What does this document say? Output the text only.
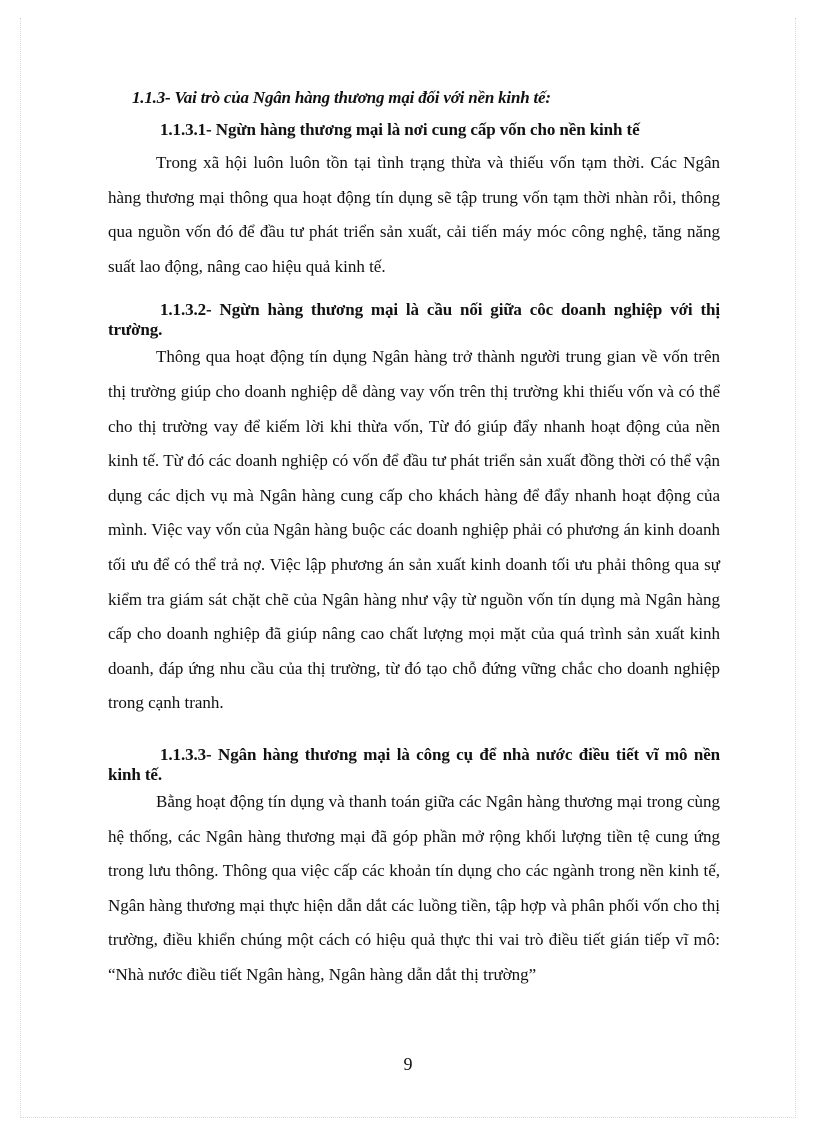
1.1.3- Vai trò của Ngân hàng thương mại đối với nền kinh tế:
1.1.3.1- Ngừn hàng thương mại là nơi cung cấp vốn cho nền kinh tế

Trong xã hội luôn luôn tồn tại tình trạng thừa và thiếu vốn tạm thời. Các Ngân hàng thương mại thông qua hoạt động tín dụng sẽ tập trung vốn tạm thời nhàn rỗi, thông qua nguồn vốn đó để đầu tư phát triển sản xuất, cải tiến máy móc công nghệ, tăng năng suất lao động, nâng cao hiệu quả kinh tế.

1.1.3.2- Ngừn hàng thương mại là cầu nối giữa côc doanh nghiệp với thị trường.

Thông qua hoạt động tín dụng Ngân hàng trở thành người trung gian về vốn trên thị trường giúp cho doanh nghiệp dễ dàng vay vốn trên thị trường khi thiếu vốn và có thể cho thị trường vay để kiếm lời khi thừa vốn, Từ đó giúp đẩy nhanh hoạt động của nền kinh tế. Từ đó các doanh nghiệp có vốn để đầu tư phát triển sản xuất đồng thời có thể vận dụng các dịch vụ mà Ngân hàng cung cấp cho khách hàng để đẩy nhanh hoạt động của mình. Việc vay vốn của Ngân hàng buộc các doanh nghiệp phải có phương án kinh doanh tối ưu để có thể trả nợ. Việc lập phương án sản xuất kinh doanh tối ưu phải thông qua sự kiểm tra giám sát chặt chẽ của Ngân hàng như vậy từ nguồn vốn tín dụng mà Ngân hàng cấp cho doanh nghiệp đã giúp nâng cao chất lượng mọi mặt của quá trình sản xuất kinh doanh, đáp ứng nhu cầu của thị trường, từ đó tạo chỗ đứng vững chắc cho doanh nghiệp trong cạnh tranh.

1.1.3.3- Ngân hàng thương mại là công cụ để nhà nước điều tiết vĩ mô nền kinh tế.

Bằng hoạt động tín dụng và thanh toán giữa các Ngân hàng thương mại trong cùng hệ thống, các Ngân hàng thương mại đã góp phần mở rộng khối lượng tiền tệ cung ứng trong lưu thông. Thông qua việc cấp các khoản tín dụng cho các ngành trong nền kinh tế, Ngân hàng thương mại thực hiện dẫn dắt các luồng tiền, tập hợp và phân phối vốn cho thị trường, điều khiển chúng một cách có hiệu quả thực thi vai trò điều tiết gián tiếp vĩ mô: “Nhà nước điều tiết Ngân hàng, Ngân hàng dẫn dắt thị trường”

9
